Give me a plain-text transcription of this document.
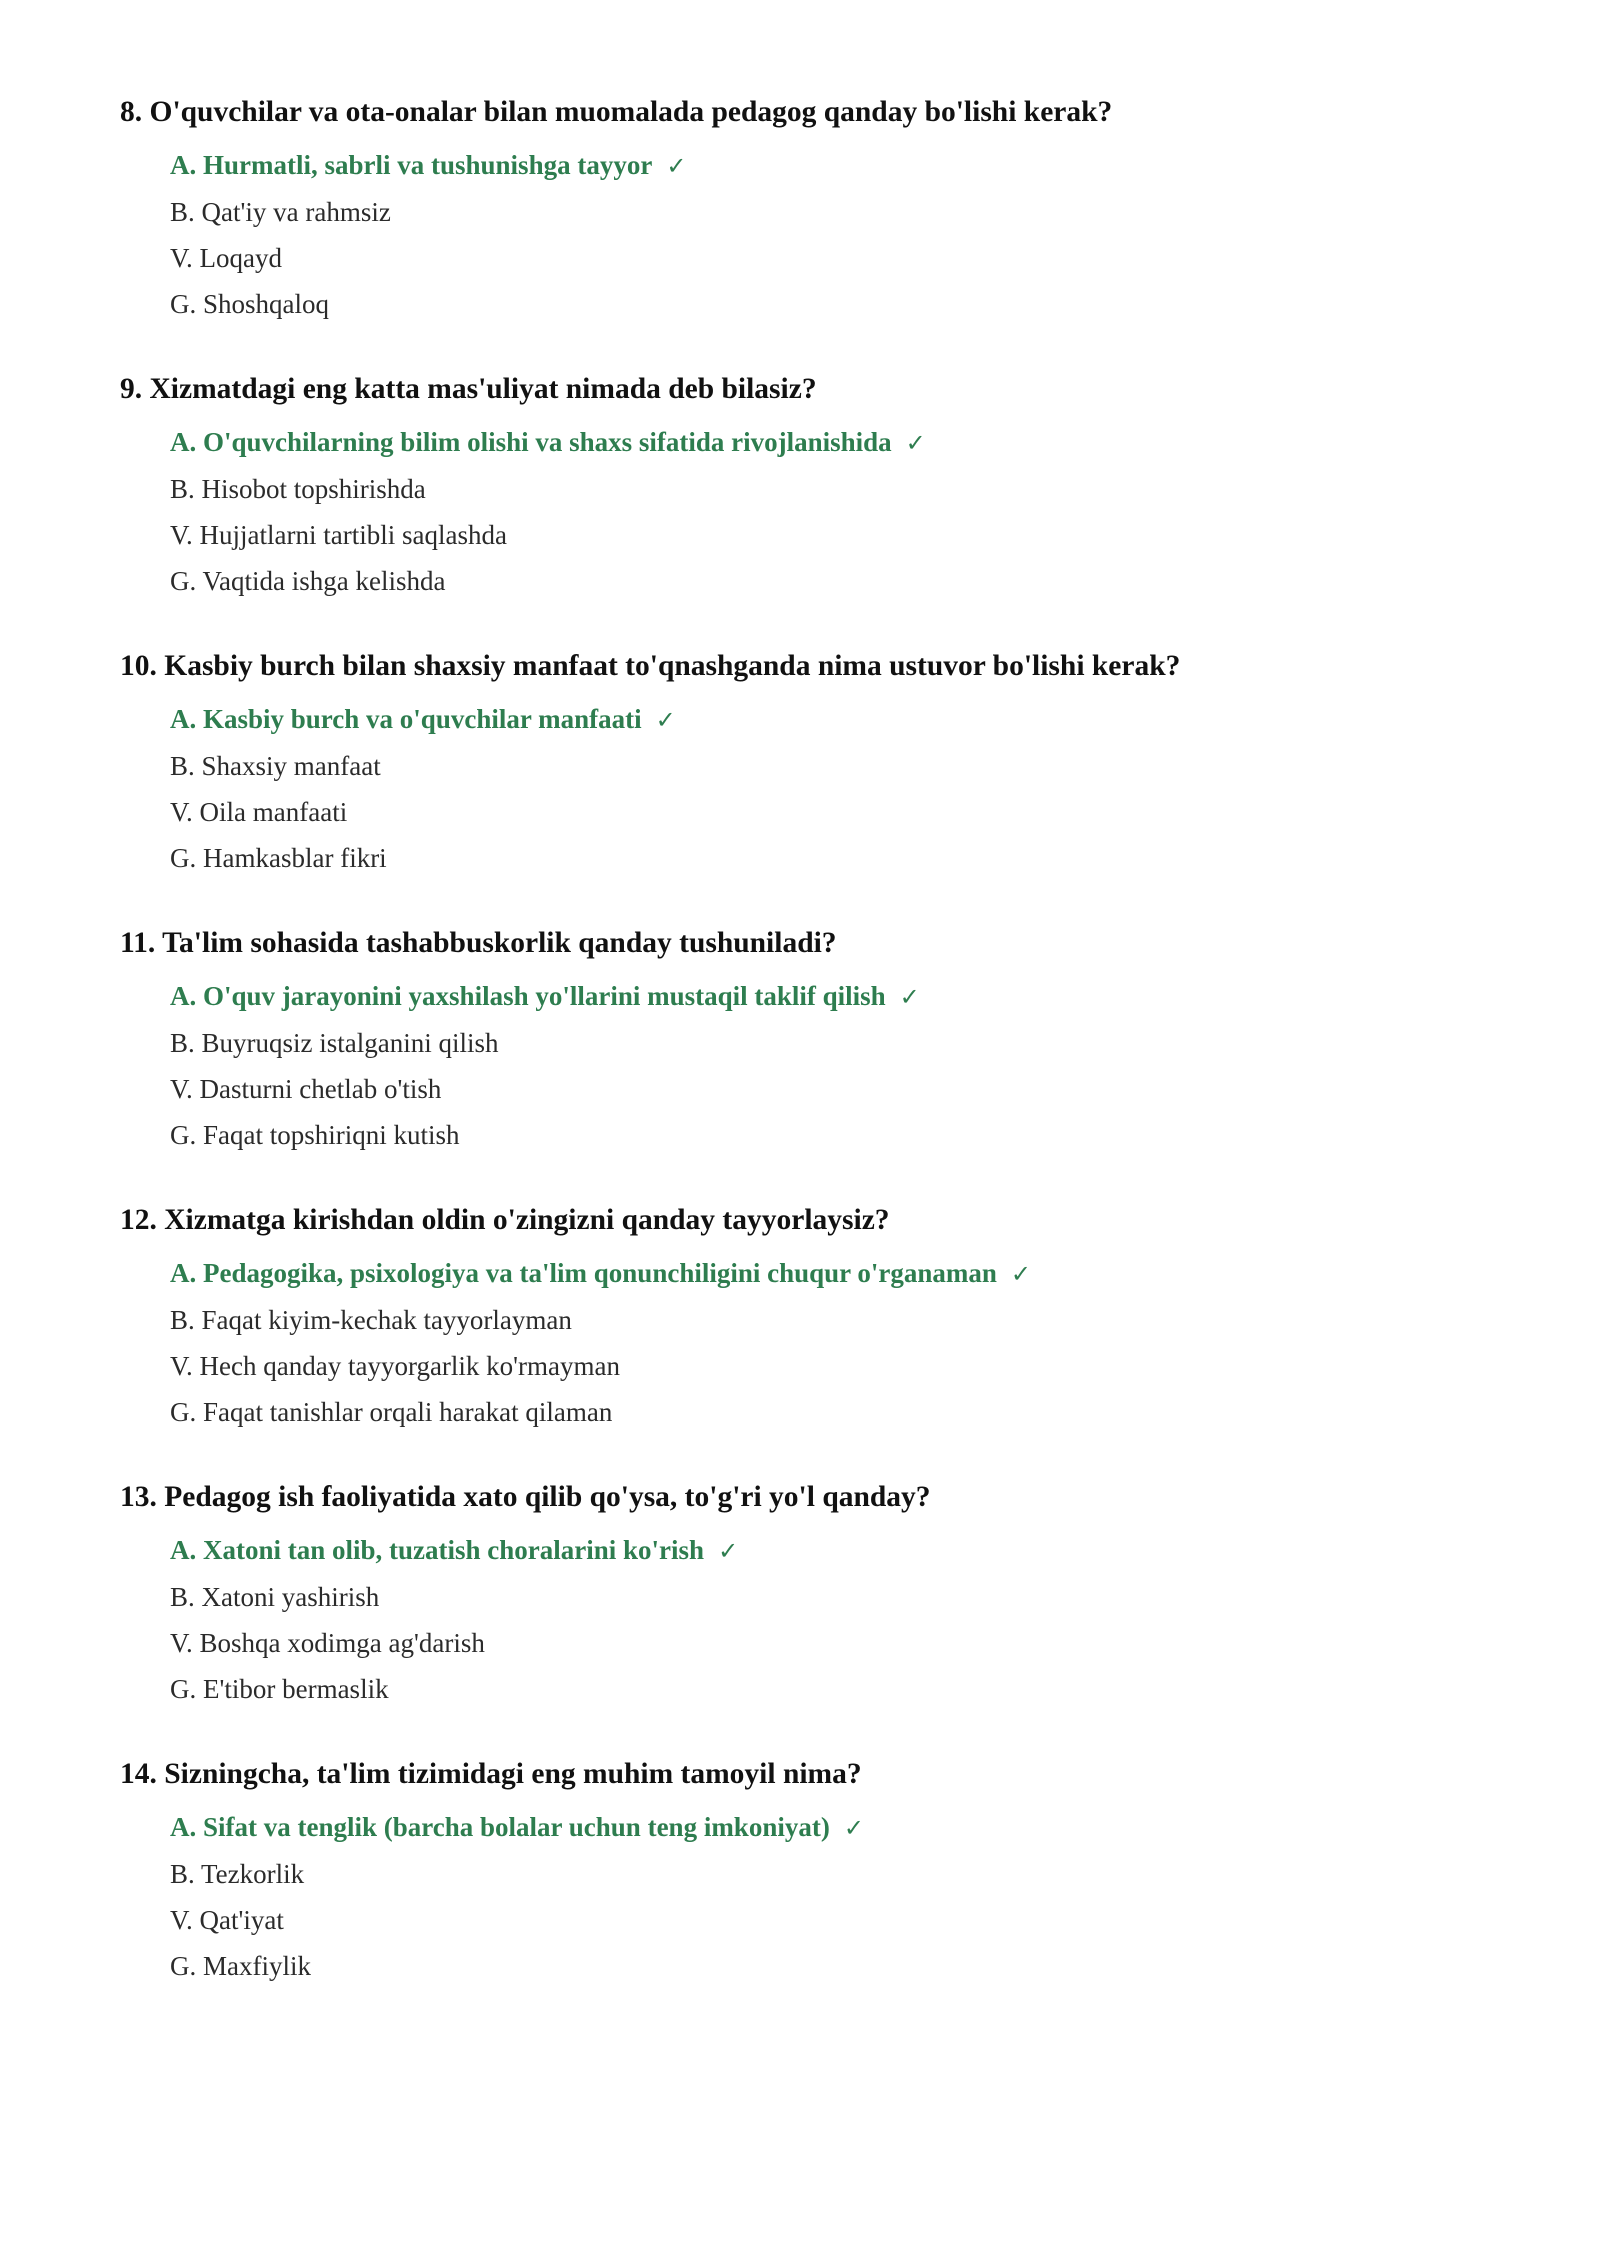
8. O'quvchilar va ota-onalar bilan muomalada pedagog qanday bo'lishi kerak?
A. Hurmatli, sabrli va tushunishga tayyor ✓
B. Qat'iy va rahmsiz
V. Loqayd
G. Shoshqaloq
9. Xizmatdagi eng katta mas'uliyat nimada deb bilasiz?
A. O'quvchilarning bilim olishi va shaxs sifatida rivojlanishida ✓
B. Hisobot topshirishda
V. Hujjatlarni tartibli saqlashda
G. Vaqtida ishga kelishda
10. Kasbiy burch bilan shaxsiy manfaat to'qnashganda nima ustuvor bo'lishi kerak?
A. Kasbiy burch va o'quvchilar manfaati ✓
B. Shaxsiy manfaat
V. Oila manfaati
G. Hamkasblar fikri
11. Ta'lim sohasida tashabbuskorlik qanday tushuniladi?
A. O'quv jarayonini yaxshilash yo'llarini mustaqil taklif qilish ✓
B. Buyruqsiz istalganini qilish
V. Dasturni chetlab o'tish
G. Faqat topshiriqni kutish
12. Xizmatga kirishdan oldin o'zingizni qanday tayyorlaysiz?
A. Pedagogika, psixologiya va ta'lim qonunchiligini chuqur o'rganaman ✓
B. Faqat kiyim-kechak tayyorlayman
V. Hech qanday tayyorgarlik ko'rmayman
G. Faqat tanishlar orqali harakat qilaman
13. Pedagog ish faoliyatida xato qilib qo'ysa, to'g'ri yo'l qanday?
A. Xatoni tan olib, tuzatish choralarini ko'rish ✓
B. Xatoni yashirish
V. Boshqa xodimga ag'darish
G. E'tibor bermaslik
14. Sizningcha, ta'lim tizimidagi eng muhim tamoyil nima?
A. Sifat va tenglik (barcha bolalar uchun teng imkoniyat) ✓
B. Tezkorlik
V. Qat'iyat
G. Maxfiylik
